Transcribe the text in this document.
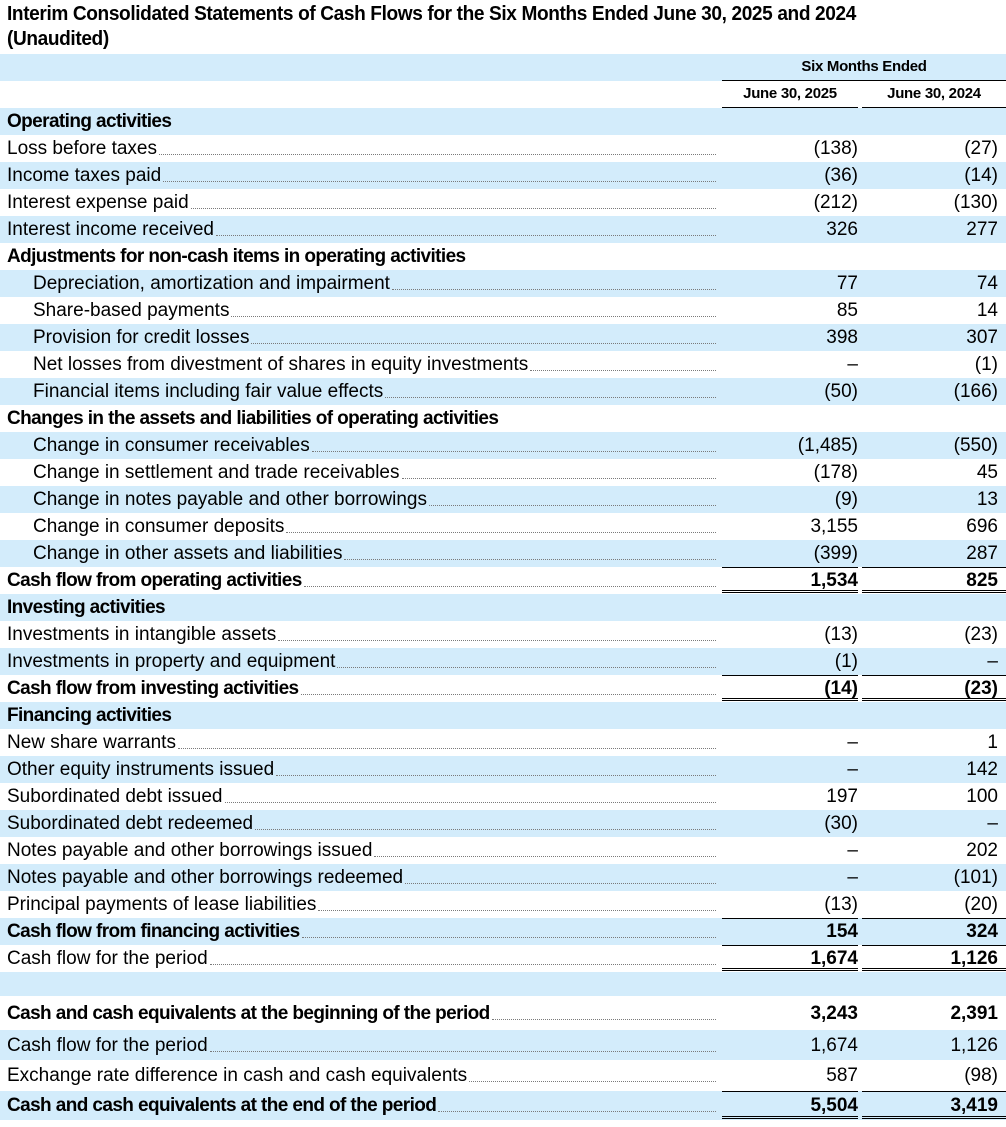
Interim Consolidated Statements of Cash Flows for the Six Months Ended June 30, 2025 and 2024 (Unaudited)
Six Months Ended
June 30, 2025	June 30, 2024
Operating activities
Loss before taxes	(138)	(27)
Income taxes paid	(36)	(14)
Interest expense paid	(212)	(130)
Interest income received	326	277
Adjustments for non-cash items in operating activities
Depreciation, amortization and impairment	77	74
Share-based payments	85	14
Provision for credit losses	398	307
Net losses from divestment of shares in equity investments	–	(1)
Financial items including fair value effects	(50)	(166)
Changes in the assets and liabilities of operating activities
Change in consumer receivables	(1,485)	(550)
Change in settlement and trade receivables	(178)	45
Change in notes payable and other borrowings	(9)	13
Change in consumer deposits	3,155	696
Change in other assets and liabilities	(399)	287
Cash flow from operating activities	1,534	825
Investing activities
Investments in intangible assets	(13)	(23)
Investments in property and equipment	(1)	–
Cash flow from investing activities	(14)	(23)
Financing activities
New share warrants	–	1
Other equity instruments issued	–	142
Subordinated debt issued	197	100
Subordinated debt redeemed	(30)	–
Notes payable and other borrowings issued	–	202
Notes payable and other borrowings redeemed	–	(101)
Principal payments of lease liabilities	(13)	(20)
Cash flow from financing activities	154	324
Cash flow for the period	1,674	1,126
Cash and cash equivalents at the beginning of the period	3,243	2,391
Cash flow for the period	1,674	1,126
Exchange rate difference in cash and cash equivalents	587	(98)
Cash and cash equivalents at the end of the period	5,504	3,419
